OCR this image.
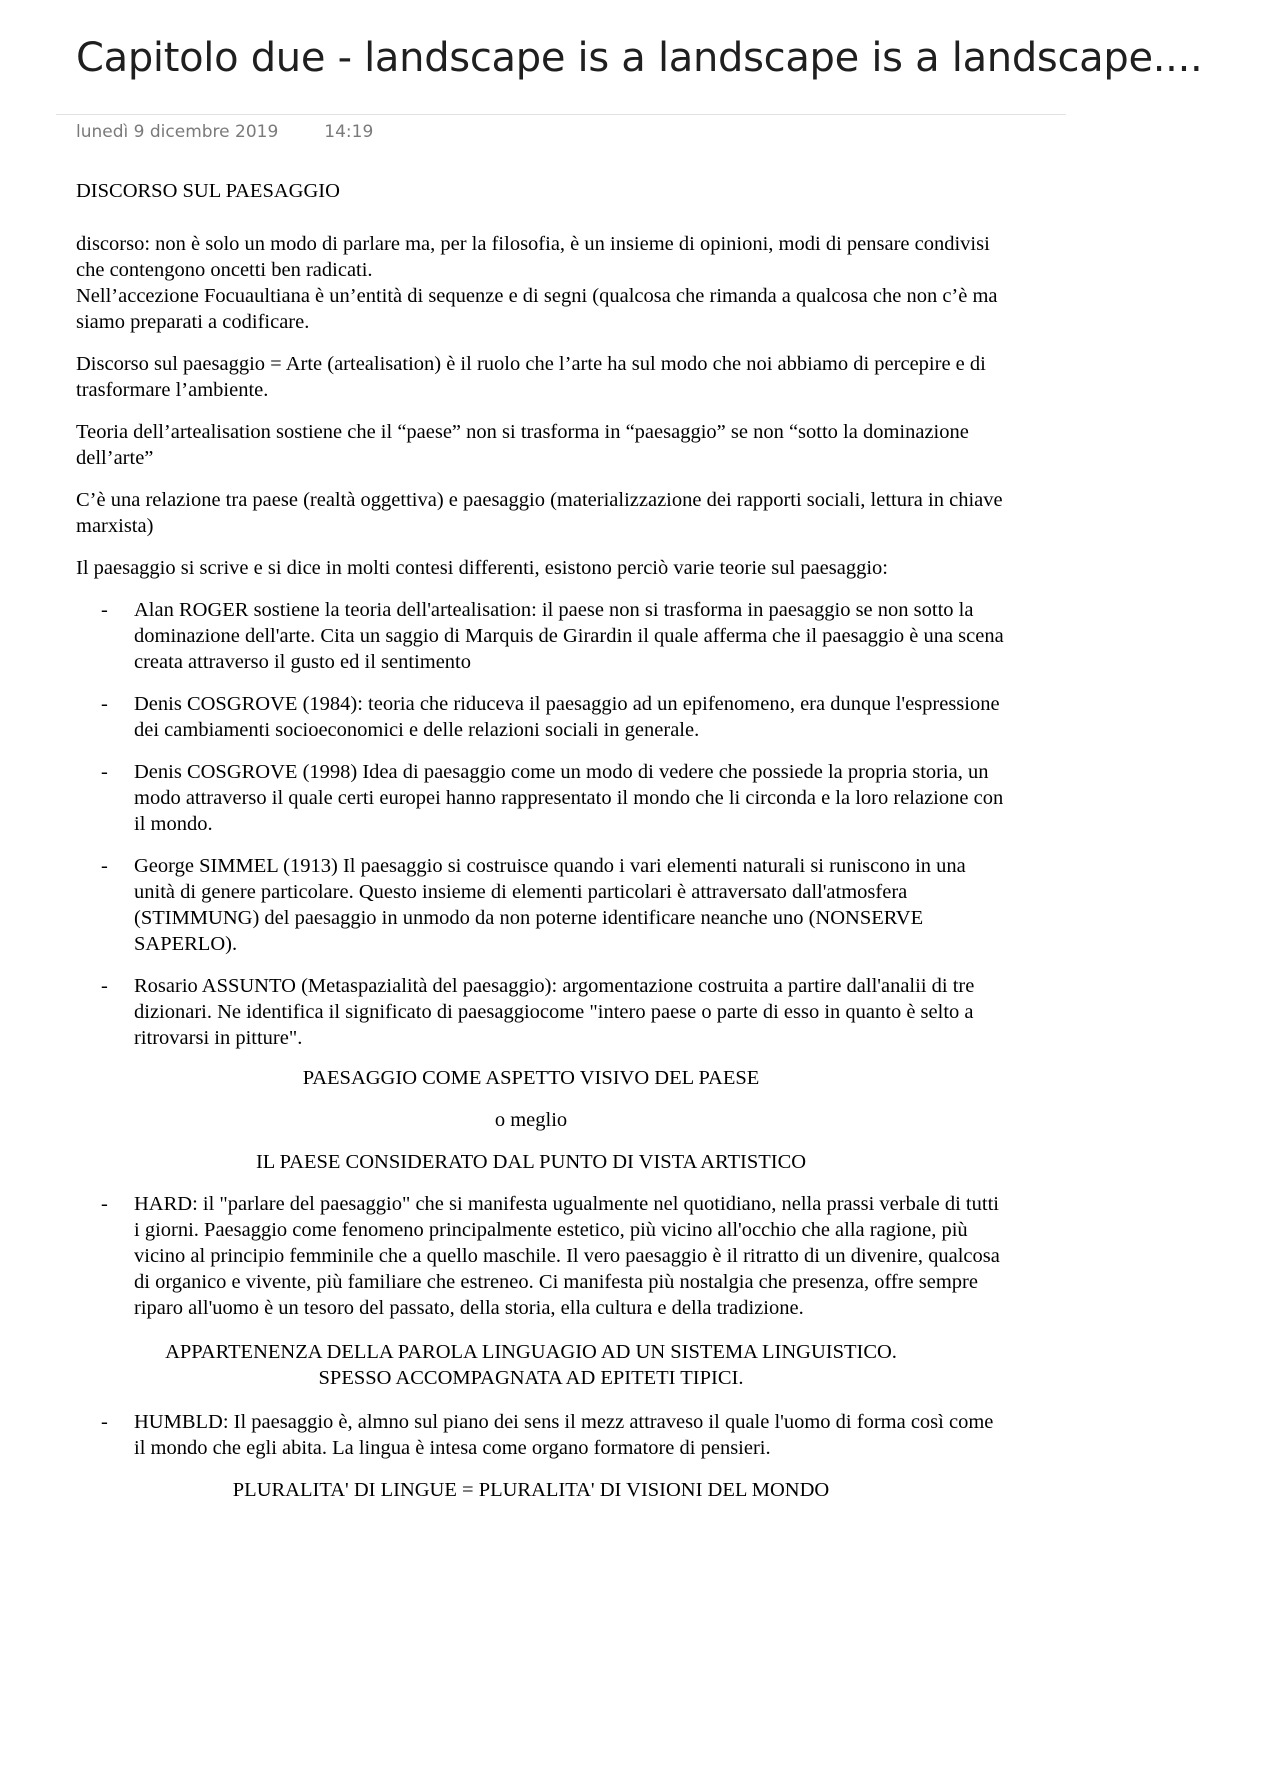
Capitolo due - landscape is a landscape is a landscape....
lunedì 9 dicembre 2019	14:19

DISCORSO SUL PAESAGGIO

discorso: non è solo un modo di parlare ma, per la filosofia, è un insieme di opinioni, modi di pensare condivisi che contengono oncetti ben radicati.

Nell’accezione Focuaultiana è un’entità di sequenze e di segni (qualcosa che rimanda a qualcosa che non c’è ma siamo preparati a codificare.

Discorso sul paesaggio = Arte (artealisation) è il ruolo che l’arte ha sul modo che noi abbiamo di percepire e di trasformare l’ambiente.

Teoria dell’artealisation sostiene che il “paese” non si trasforma in “paesaggio” se non “sotto la dominazione dell’arte”

C’è una relazione tra paese (realtà oggettiva) e paesaggio (materializzazione dei rapporti sociali, lettura in chiave marxista)

Il paesaggio si scrive e si dice in molti contesi differenti, esistono perciò varie teorie sul paesaggio:

- Alan ROGER sostiene la teoria dell'artealisation: il paese non si trasforma in paesaggio se non sotto la dominazione dell'arte. Cita un saggio di Marquis de Girardin il quale afferma che il paesaggio è una scena creata attraverso il gusto ed il sentimento
- Denis COSGROVE (1984): teoria che riduceva il paesaggio ad un epifenomeno, era dunque l'espressione dei cambiamenti socioeconomici e delle relazioni sociali in generale.
- Denis COSGROVE (1998) Idea di paesaggio come un modo di vedere che possiede la propria storia, un modo attraverso il quale certi europei hanno rappresentato il mondo che li circonda e la loro relazione con il mondo.
- George SIMMEL (1913) Il paesaggio si costruisce quando i vari elementi naturali si runiscono in una unità di genere particolare. Questo insieme di elementi particolari è attraversato dall'atmosfera (STIMMUNG) del paesaggio in unmodo da non poterne identificare neanche uno (NONSERVE SAPERLO).
- Rosario ASSUNTO (Metaspazialità del paesaggio): argomentazione costruita a partire dall'analii di tre dizionari. Ne identifica il significato di paesaggiocome "intero paese o parte di esso in quanto è selto a ritrovarsi in pitture".

PAESAGGIO COME ASPETTO VISIVO DEL PAESE

o meglio

IL PAESE CONSIDERATO DAL PUNTO DI VISTA ARTISTICO

- HARD: il "parlare del paesaggio" che si manifesta ugualmente nel quotidiano, nella prassi verbale di tutti i giorni. Paesaggio come fenomeno principalmente estetico, più vicino all'occhio che alla ragione, più vicino al principio femminile che a quello maschile. Il vero paesaggio è il ritratto di un divenire, qualcosa di organico e vivente, più familiare che estreneo. Ci manifesta più nostalgia che presenza, offre sempre riparo all'uomo è un tesoro del passato, della storia, ella cultura e della tradizione.

APPARTENENZA DELLA PAROLA LINGUAGIO AD UN SISTEMA LINGUISTICO.

SPESSO ACCOMPAGNATA AD EPITETI TIPICI.

- HUMBLD: Il paesaggio è, almno sul piano dei sens il mezz attraveso il quale l'uomo di forma così come il mondo che egli abita. La lingua è intesa come organo formatore di pensieri.

PLURALITA' DI LINGUE = PLURALITA' DI VISIONI DEL MONDO
